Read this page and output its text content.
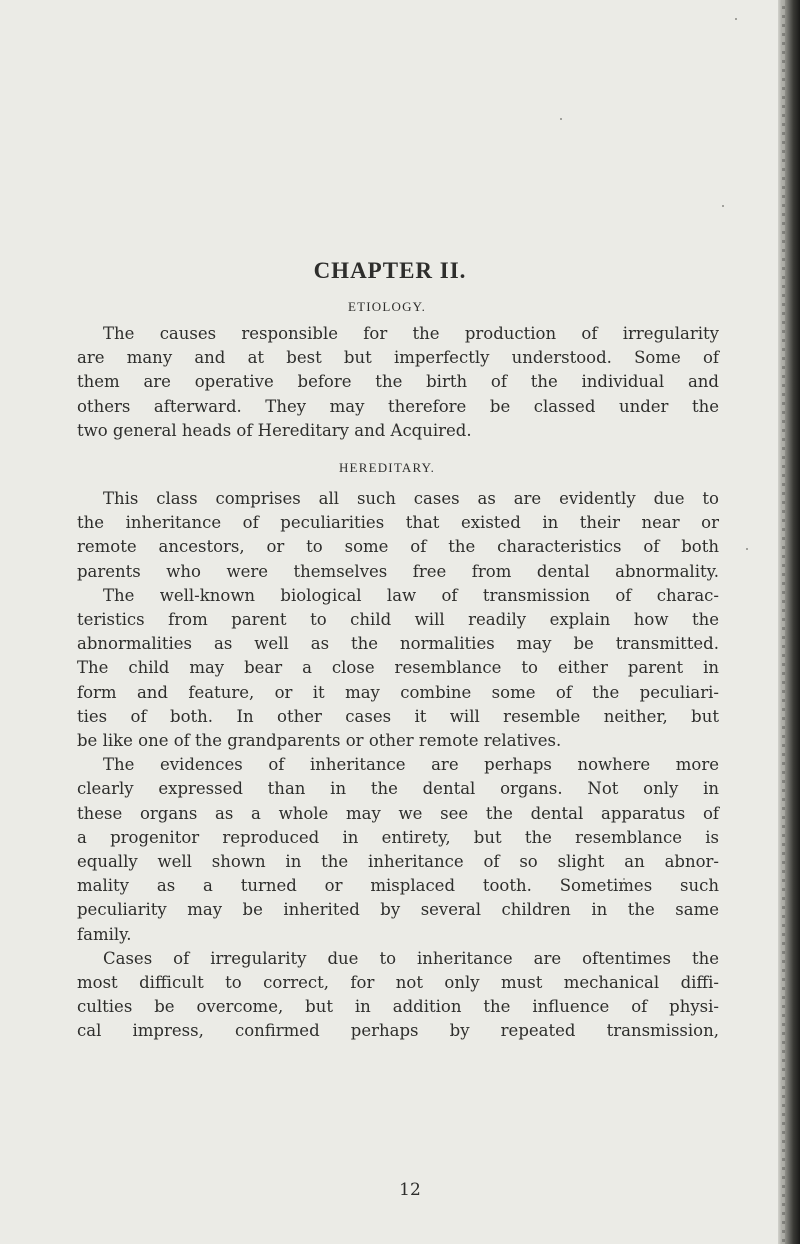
CHAPTER II.
ETIOLOGY.

The causes responsible for the production of irregularity
are many and at best but imperfectly understood. Some of
them are operative before the birth of the individual and
others afterward. They may therefore be classed under the
two general heads of Hereditary and Acquired.

HEREDITARY.

This class comprises all such cases as are evidently due to
the inheritance of peculiarities that existed in their near or
remote ancestors, or to some of the characteristics of both
parents who were themselves free from dental abnormality.
The well-known biological law of transmission of charac-
teristics from parent to child will readily explain how the
abnormalities as well as the normalities may be transmitted.
The child may bear a close resemblance to either parent in
form and feature, or it may combine some of the peculiari-
ties of both. In other cases it will resemble neither, but
be like one of the grandparents or other remote relatives.

The evidences of inheritance are perhaps nowhere more
clearly expressed than in the dental organs. Not only in
these organs as a whole may we see the dental apparatus of
a progenitor reproduced in entirety, but the resemblance is
equally well shown in the inheritance of so slight an abnor-
mality as a turned or misplaced tooth. Sometimes such
peculiarity may be inherited by several children in the same
family.

Cases of irregularity due to inheritance are oftentimes the
most difficult to correct, for not only must mechanical diffi-
culties be overcome, but in addition the influence of physi-
cal impress, confirmed perhaps by repeated transmission,

12
